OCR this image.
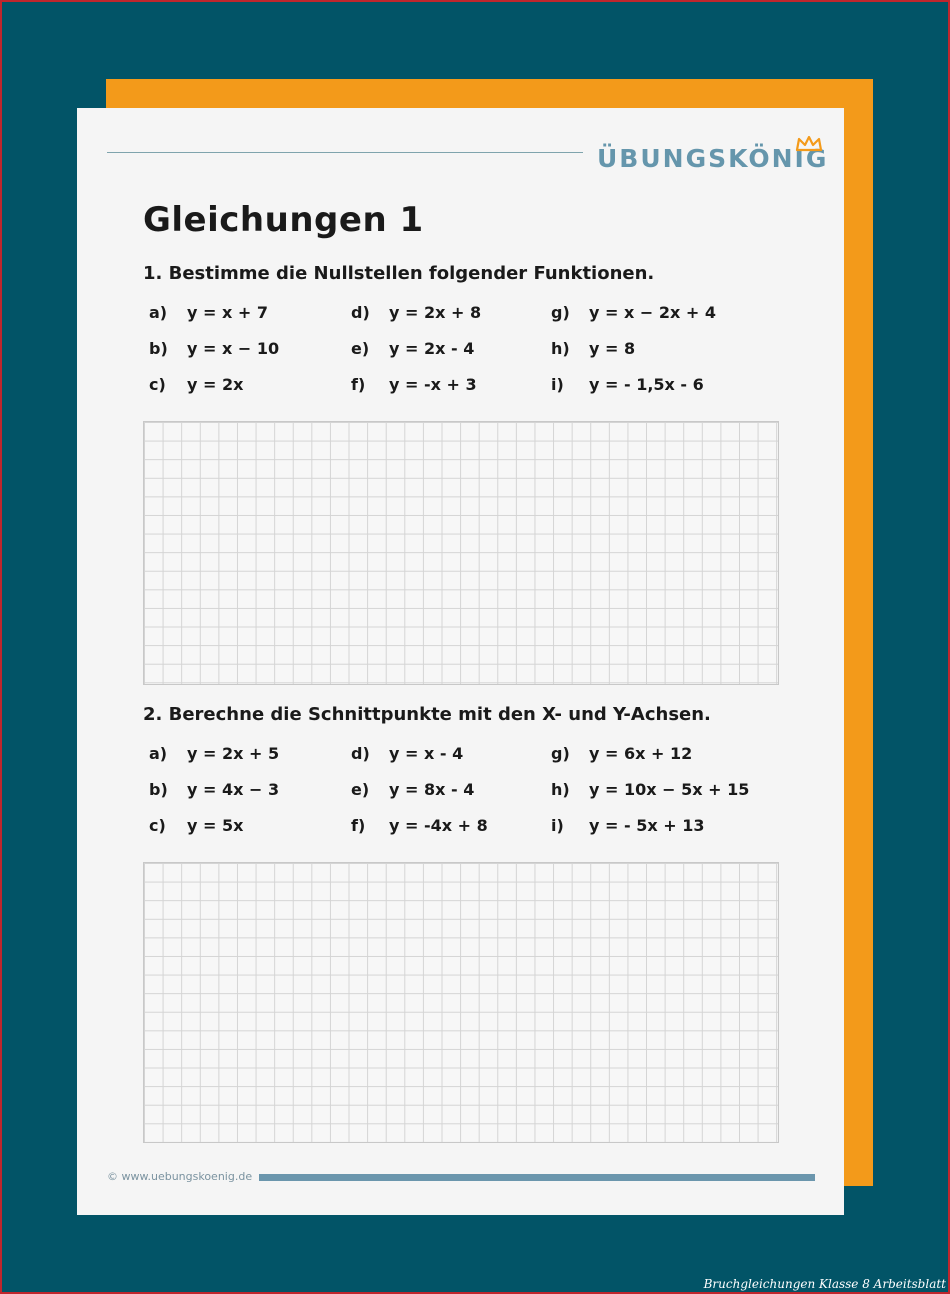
ÜBUNGSKÖNIG
Gleichungen 1
1. Bestimme die Nullstellen folgender Funktionen.
a) y = x + 7
b) y = x − 10
c) y = 2x
d) y = 2x + 8
e) y = 2x - 4
f) y = -x + 3
g) y = x − 2x + 4
h) y = 8
i) y = - 1,5x - 6
2. Berechne die Schnittpunkte mit den X- und Y-Achsen.
a) y = 2x + 5
b) y = 4x − 3
c) y = 5x
d) y = x - 4
e) y = 8x - 4
f) y = -4x + 8
g) y = 6x + 12
h) y = 10x − 5x + 15
i) y = - 5x + 13
© www.uebungskoenig.de
Bruchgleichungen Klasse 8 Arbeitsblatt
